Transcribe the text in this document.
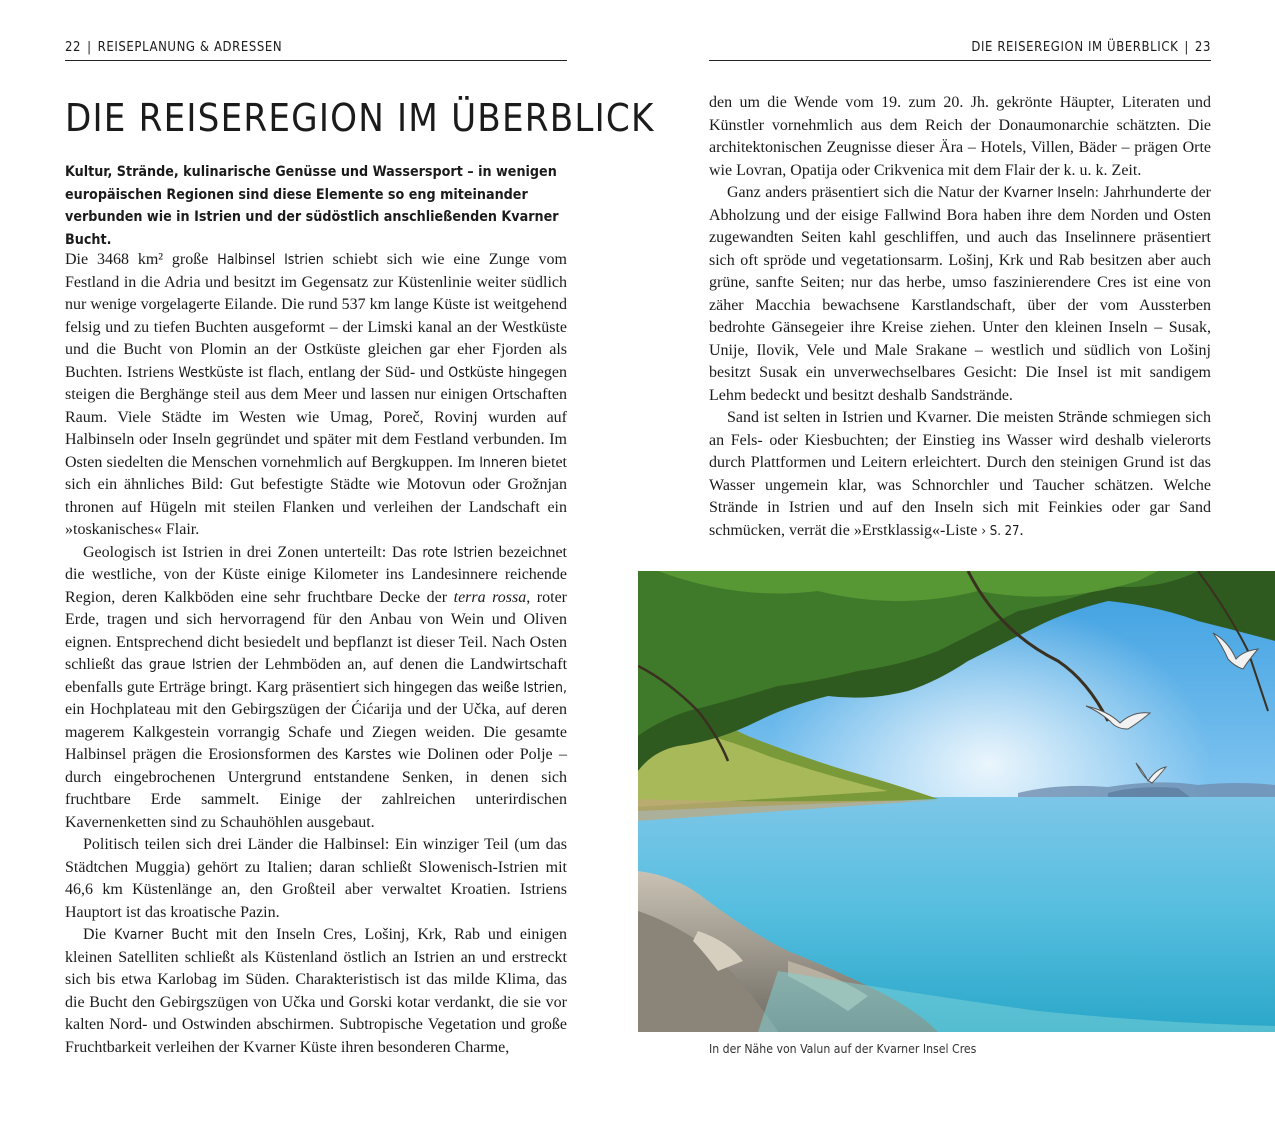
22 | REISEPLANUNG & ADRESSEN
DIE REISEREGION IM ÜBERBLICK

Kultur, Strände, kulinarische Genüsse und Wassersport – in wenigen europäischen Regionen sind diese Elemente so eng miteinander verbunden wie in Istrien und der südöstlich anschließenden Kvarner Bucht.

Die 3468 km² große Halbinsel Istrien schiebt sich wie eine Zunge vom Festland in die Adria und besitzt im Gegensatz zur Küstenlinie weiter südlich nur wenige vorgelagerte Eilande. Die rund 537 km lange Küste ist weitgehend felsig und zu tiefen Buchten ausgeformt – der Limski kanal an der Westküste und die Bucht von Plomin an der Ostküste gleichen gar eher Fjorden als Buchten. Istriens Westküste ist flach, entlang der Süd- und Ostküste hingegen steigen die Berghänge steil aus dem Meer und lassen nur einigen Ortschaften Raum. Viele Städte im Westen wie Umag, Poreč, Rovinj wurden auf Halbinseln oder Inseln gegründet und später mit dem Festland verbunden. Im Osten siedelten die Menschen vornehmlich auf Bergkuppen. Im Inneren bietet sich ein ähnliches Bild: Gut befestigte Städte wie Motovun oder Grožnjan thronen auf Hügeln mit steilen Flanken und verleihen der Landschaft ein »toskanisches« Flair.

Geologisch ist Istrien in drei Zonen unterteilt: Das rote Istrien bezeichnet die westliche, von der Küste einige Kilometer ins Landesinnere reichende Region, deren Kalkböden eine sehr fruchtbare Decke der terra rossa, roter Erde, tragen und sich hervorragend für den Anbau von Wein und Oliven eignen. Entsprechend dicht besiedelt und bepflanzt ist dieser Teil. Nach Osten schließt das graue Istrien der Lehmböden an, auf denen die Landwirtschaft ebenfalls gute Erträge bringt. Karg präsentiert sich hingegen das weiße Istrien, ein Hochplateau mit den Gebirgszügen der Ćićarija und der Učka, auf deren magerem Kalkgestein vorrangig Schafe und Ziegen weiden. Die gesamte Halbinsel prägen die Erosionsformen des Karstes wie Dolinen oder Polje – durch eingebrochenen Untergrund entstandene Senken, in denen sich fruchtbare Erde sammelt. Einige der zahlreichen unterirdischen Kavernenketten sind zu Schauhöhlen ausgebaut.

Politisch teilen sich drei Länder die Halbinsel: Ein winziger Teil (um das Städtchen Muggia) gehört zu Italien; daran schließt Slowenisch-Istrien mit 46,6 km Küstenlänge an, den Großteil aber verwaltet Kroatien. Istriens Hauptort ist das kroatische Pazin.

Die Kvarner Bucht mit den Inseln Cres, Lošinj, Krk, Rab und einigen kleinen Satelliten schließt als Küstenland östlich an Istrien an und erstreckt sich bis etwa Karlobag im Süden. Charakteristisch ist das milde Klima, das die Bucht den Gebirgszügen von Učka und Gorski kotar verdankt, die sie vor kalten Nord- und Ostwinden abschirmen. Subtropische Vegetation und große Fruchtbarkeit verleihen der Kvarner Küste ihren besonderen Charme,

DIE REISEREGION IM ÜBERBLICK | 23

den um die Wende vom 19. zum 20. Jh. gekrönte Häupter, Literaten und Künstler vornehmlich aus dem Reich der Donaumonarchie schätzten. Die architektonischen Zeugnisse dieser Ära – Hotels, Villen, Bäder – prägen Orte wie Lovran, Opatija oder Crikvenica mit dem Flair der k. u. k. Zeit.

Ganz anders präsentiert sich die Natur der Kvarner Inseln: Jahrhunderte der Abholzung und der eisige Fallwind Bora haben ihre dem Norden und Osten zugewandten Seiten kahl geschliffen, und auch das Inselinnere präsentiert sich oft spröde und vegetationsarm. Lošinj, Krk und Rab besitzen aber auch grüne, sanfte Seiten; nur das herbe, umso faszinierendere Cres ist eine von zäher Macchia bewachsene Karstlandschaft, über der vom Aussterben bedrohte Gänsegeier ihre Kreise ziehen. Unter den kleinen Inseln – Susak, Unije, Ilovik, Vele und Male Srakane – westlich und südlich von Lošinj besitzt Susak ein unverwechselbares Gesicht: Die Insel ist mit sandigem Lehm bedeckt und besitzt deshalb Sandstrände.

Sand ist selten in Istrien und Kvarner. Die meisten Strände schmiegen sich an Fels- oder Kiesbuchten; der Einstieg ins Wasser wird deshalb vielerorts durch Plattformen und Leitern erleichtert. Durch den steinigen Grund ist das Wasser ungemein klar, was Schnorchler und Taucher schätzen. Welche Strände in Istrien und auf den Inseln sich mit Feinkies oder gar Sand schmücken, verrät die »Erstklassig«-Liste › S. 27.

In der Nähe von Valun auf der Kvarner Insel Cres
